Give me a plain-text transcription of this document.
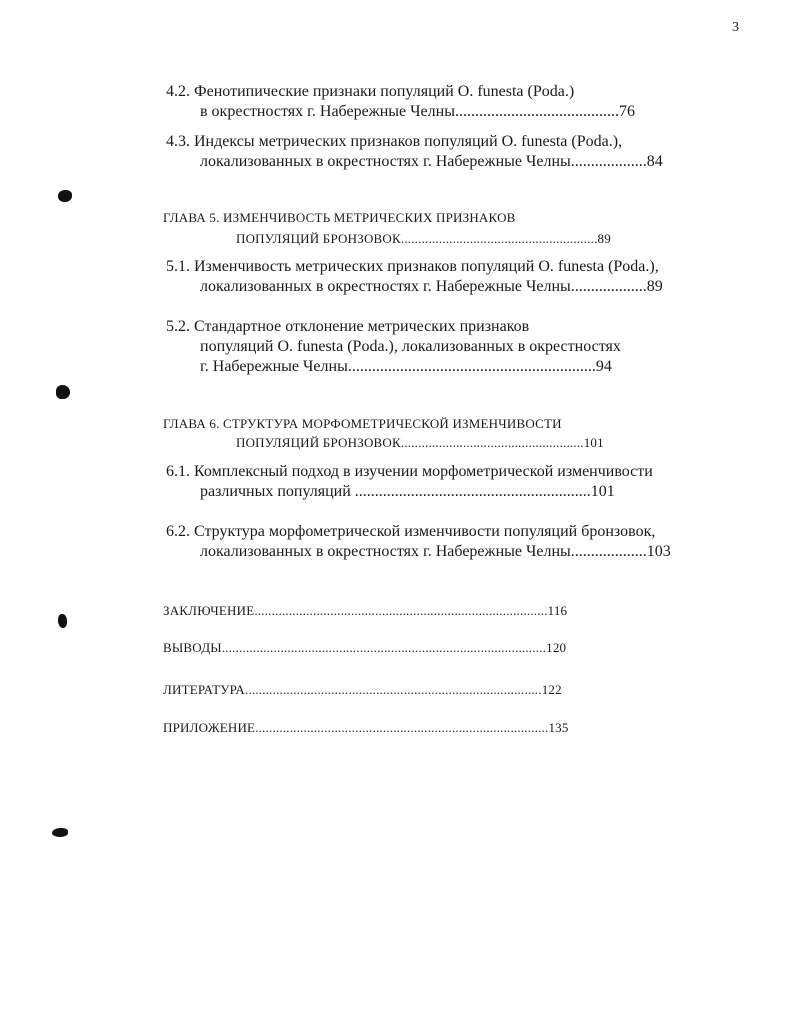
3
4.2. Фенотипические признаки популяций O. funesta (Poda.)
в окрестностях г. Набережные Челны.........................................76
4.3. Индексы метрических признаков популяций O. funesta (Poda.),
локализованных в окрестностях г. Набережные Челны...................84
ГЛАВА 5. ИЗМЕНЧИВОСТЬ МЕТРИЧЕСКИХ ПРИЗНАКОВ
ПОПУЛЯЦИЙ БРОНЗОВОК.........................................................89
5.1. Изменчивость метрических признаков популяций O. funesta (Poda.),
локализованных в окрестностях г. Набережные Челны...................89
5.2. Стандартное отклонение метрических признаков
популяций O. funesta (Poda.), локализованных в окрестностях
г. Набережные Челны..............................................................94
ГЛАВА 6. СТРУКТУРА МОРФОМЕТРИЧЕСКОЙ ИЗМЕНЧИВОСТИ
ПОПУЛЯЦИЙ БРОНЗОВОК.....................................................101
6.1. Комплексный подход в изучении морфометрической изменчивости
различных популяций ...........................................................101
6.2. Структура морфометрической изменчивости популяций бронзовок,
локализованных в окрестностях г. Набережные Челны...................103
ЗАКЛЮЧЕНИЕ.....................................................................................116
ВЫВОДЫ..............................................................................................120
ЛИТЕРАТУРА......................................................................................122
ПРИЛОЖЕНИЕ.....................................................................................135
